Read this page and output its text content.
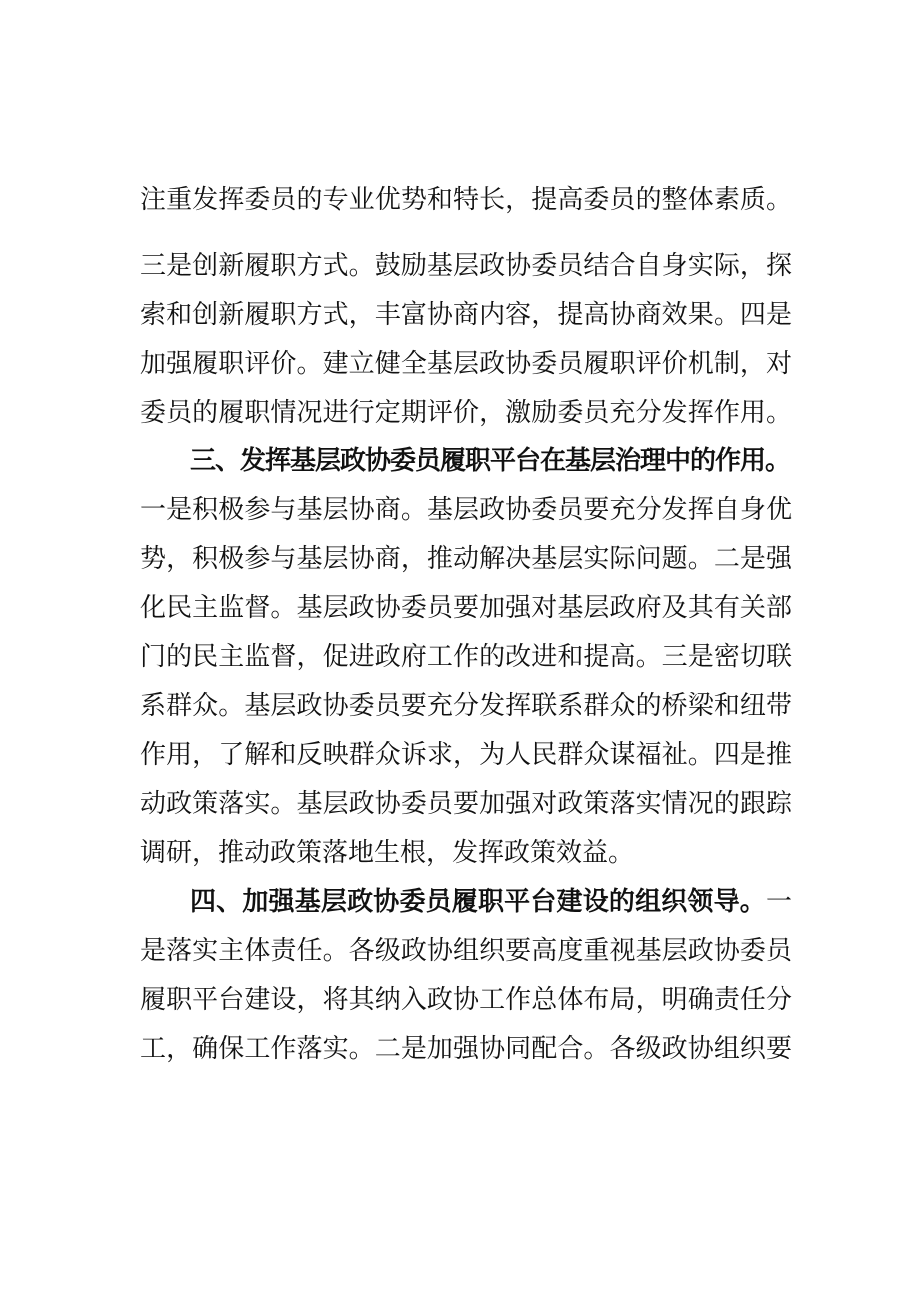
注重发挥委员的专业优势和特长，提高委员的整体素质。
三是创新履职方式。鼓励基层政协委员结合自身实际，探
索和创新履职方式，丰富协商内容，提高协商效果。四是
加强履职评价。建立健全基层政协委员履职评价机制，对
委员的履职情况进行定期评价，激励委员充分发挥作用。
三、发挥基层政协委员履职平台在基层治理中的作用。
一是积极参与基层协商。基层政协委员要充分发挥自身优
势，积极参与基层协商，推动解决基层实际问题。二是强
化民主监督。基层政协委员要加强对基层政府及其有关部
门的民主监督，促进政府工作的改进和提高。三是密切联
系群众。基层政协委员要充分发挥联系群众的桥梁和纽带
作用，了解和反映群众诉求，为人民群众谋福祉。四是推
动政策落实。基层政协委员要加强对政策落实情况的跟踪
调研，推动政策落地生根，发挥政策效益。
四、加强基层政协委员履职平台建设的组织领导。一
是落实主体责任。各级政协组织要高度重视基层政协委员
履职平台建设，将其纳入政协工作总体布局，明确责任分
工，确保工作落实。二是加强协同配合。各级政协组织要
